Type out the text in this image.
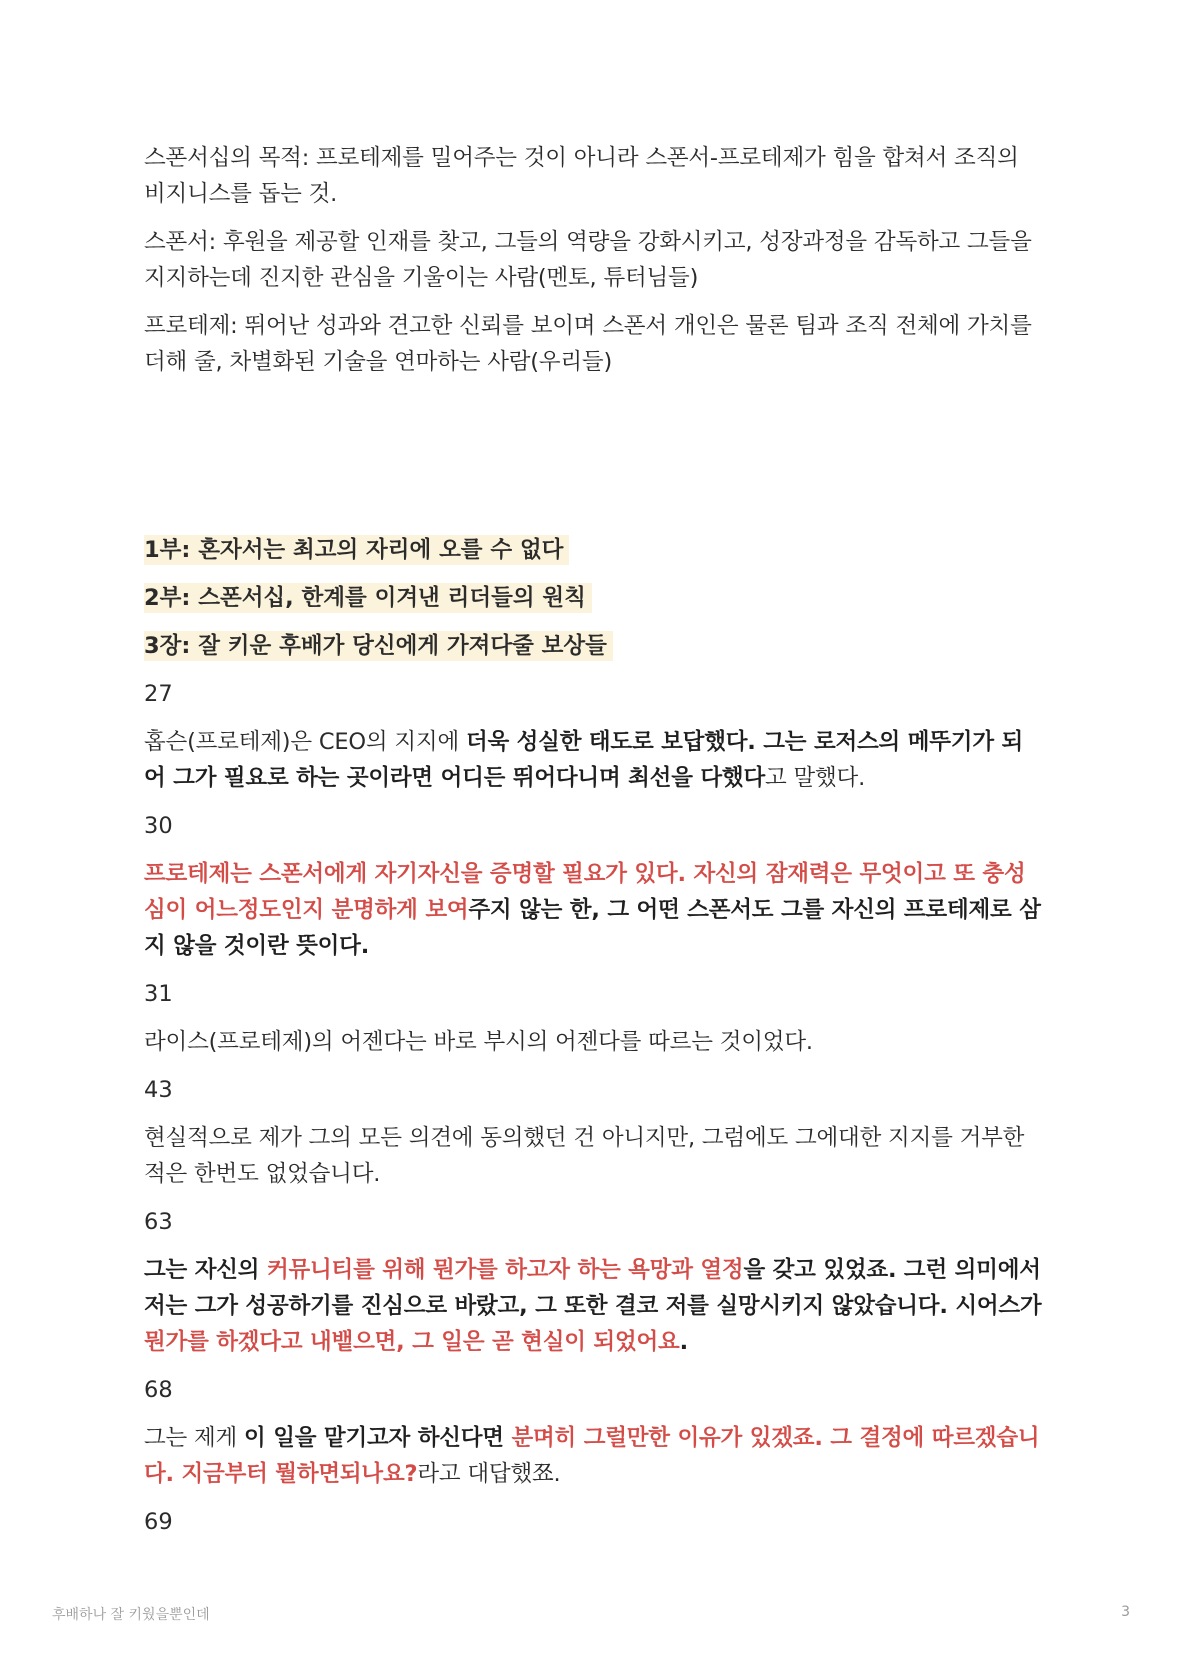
스폰서십의 목적: 프로테제를 밀어주는 것이 아니라 스폰서-프로테제가 힘을 합쳐서 조직의 비지니스를 돕는 것.

스폰서: 후원을 제공할 인재를 찾고, 그들의 역량을 강화시키고, 성장과정을 감독하고 그들을 지지하는데 진지한 관심을 기울이는 사람(멘토, 튜터님들)

프로테제: 뛰어난 성과와 견고한 신뢰를 보이며 스폰서 개인은 물론 팀과 조직 전체에 가치를 더해 줄, 차별화된 기술을 연마하는 사람(우리들)

1부: 혼자서는 최고의 자리에 오를 수 없다
2부: 스폰서십, 한계를 이겨낸 리더들의 원칙
3장: 잘 키운 후배가 당신에게 가져다줄 보상들
27

홉슨(프로테제)은 CEO의 지지에 더욱 성실한 태도로 보답했다. 그는 로저스의 메뚜기가 되어 그가 필요로 하는 곳이라면 어디든 뛰어다니며 최선을 다했다고 말했다.

30

프로테제는 스폰서에게 자기자신을 증명할 필요가 있다. 자신의 잠재력은 무엇이고 또 충성심이 어느정도인지 분명하게 보여주지 않는 한, 그 어떤 스폰서도 그를 자신의 프로테제로 삼지 않을 것이란 뜻이다.

31

라이스(프로테제)의 어젠다는 바로 부시의 어젠다를 따르는 것이었다.

43

현실적으로 제가 그의 모든 의견에 동의했던 건 아니지만, 그럼에도 그에대한 지지를 거부한 적은 한번도 없었습니다.

63

그는 자신의 커뮤니티를 위해 뭔가를 하고자 하는 욕망과 열정을 갖고 있었죠. 그런 의미에서 저는 그가 성공하기를 진심으로 바랐고, 그 또한 결코 저를 실망시키지 않았습니다. 시어스가 뭔가를 하겠다고 내뱉으면, 그 일은 곧 현실이 되었어요.

68

그는 제게 이 일을 맡기고자 하신다면 분며히 그럴만한 이유가 있겠죠. 그 결정에 따르겠습니다. 지금부터 뭘하면되나요?라고 대답했쬬.

69
후배하나 잘 키웠을뿐인데	3
